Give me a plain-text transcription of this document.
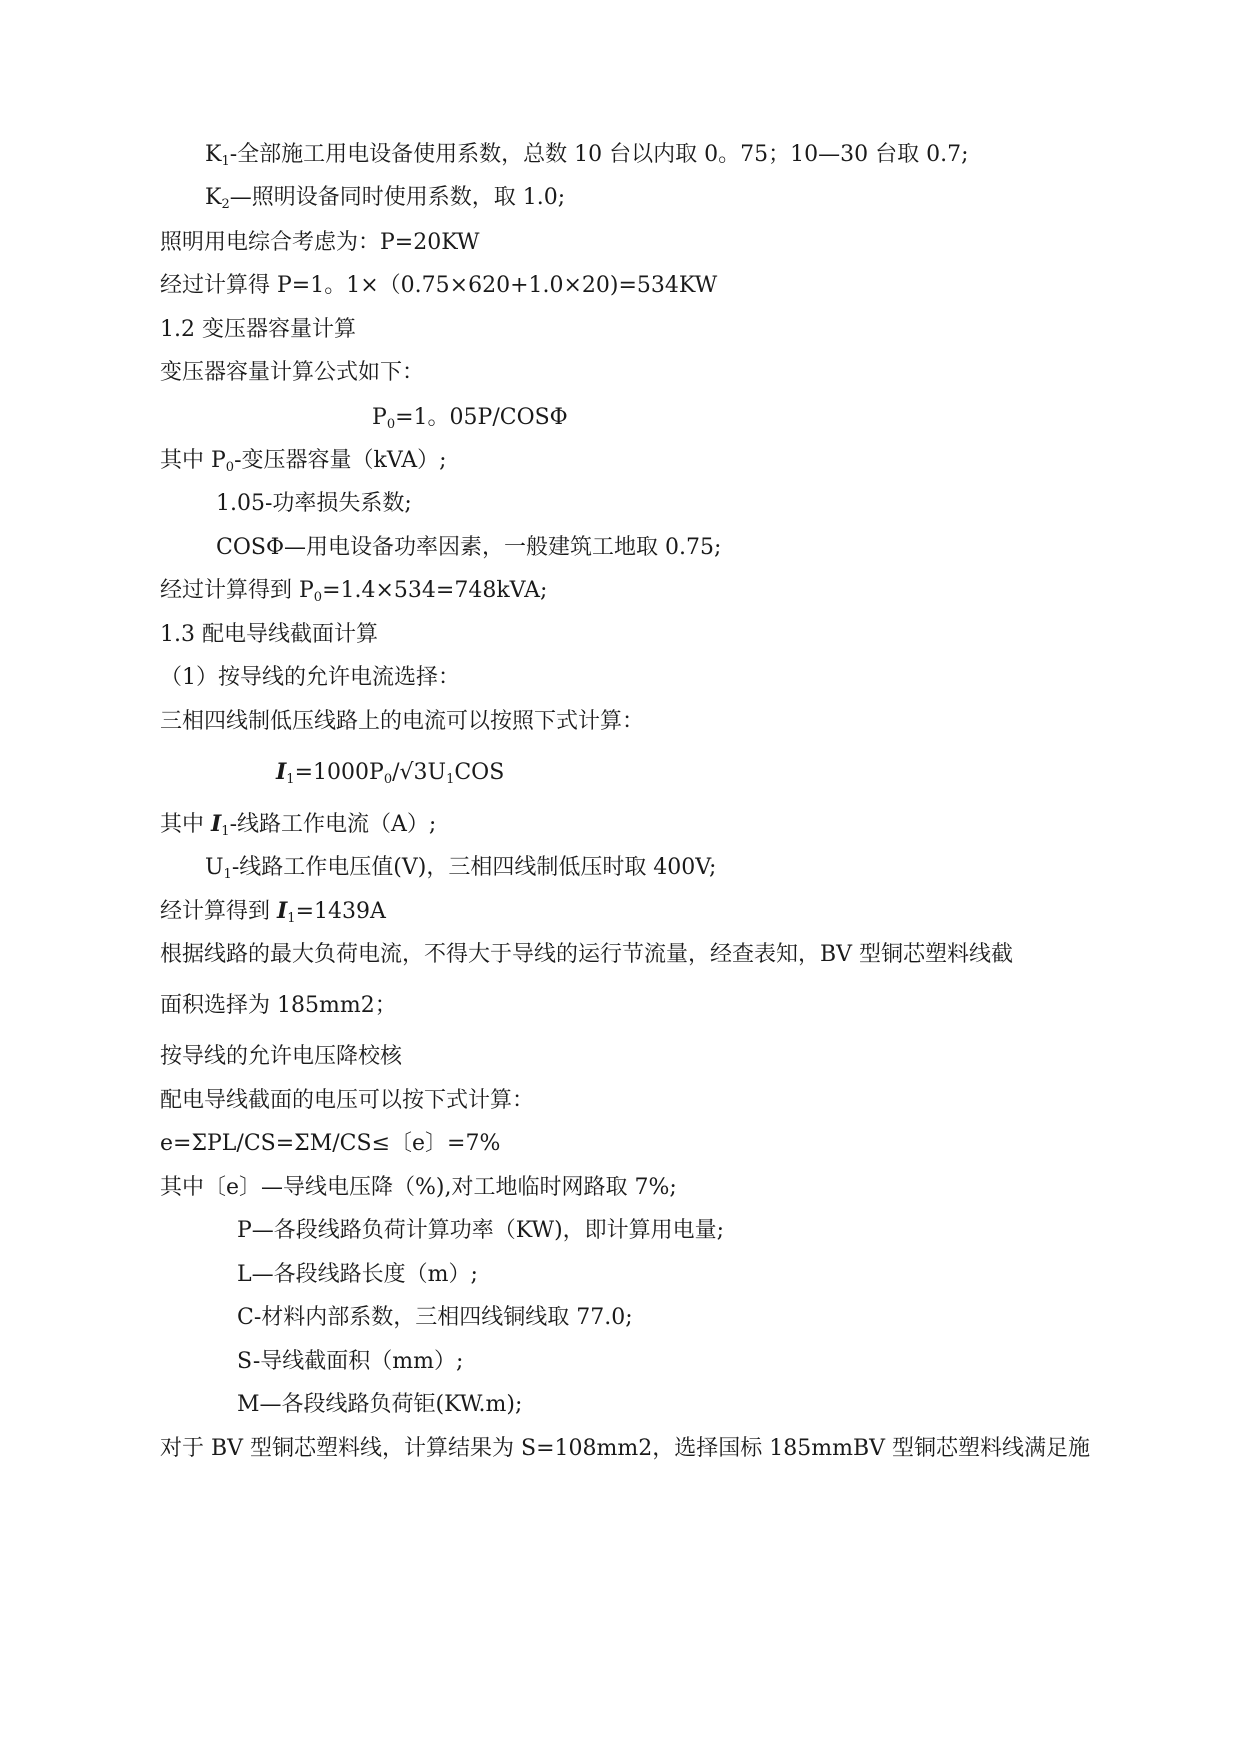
$K_1-$全部施工用电设备使用系数，总数 10 台以内取 0。75；10—30 台取 0.7;
$K_2—$照明设备同时使用系数，取 1.0;
照明用电综合考虑为：P=20KW
经过计算得 P=1。1×（0.75×620+1.0×20)=534KW
1.2 变压器容量计算
变压器容量计算公式如下：
$P_0=1$。05P/COSΦ
其中 $P_0-$变压器容量（kVA）;
1.05-功率损失系数;
COSΦ—用电设备功率因素，一般建筑工地取 0.75;
经过计算得到 $P_0=1.4\times 534=748kVA$;
1.3 配电导线截面计算
（1）按导线的允许电流选择：
三相四线制低压线路上的电流可以按照下式计算：
$I_1=1000P_0/√3U_1COS$
其中 $I_1-$线路工作电流（A）;
$U_1-$线路工作电压值(V)，三相四线制低压时取 400V;
经计算得到 $I_1=1439A$
根据线路的最大负荷电流，不得大于导线的运行节流量，经查表知，BV 型铜芯塑料线截
面积选择为 185mm2；
按导线的允许电压降校核
配电导线截面的电压可以按下式计算：
e=ΣPL/CS=ΣM/CS≤〔e〕=7%
其中〔e〕—导线电压降（%),对工地临时网路取 7%;
P—各段线路负荷计算功率（KW)，即计算用电量;
L—各段线路长度（m）;
C-材料内部系数，三相四线铜线取 77.0;
S-导线截面积（mm）;
M—各段线路负荷钜(KW.m);
对于 BV 型铜芯塑料线，计算结果为 S=108mm2，选择国标 185mmBV 型铜芯塑料线满足施
